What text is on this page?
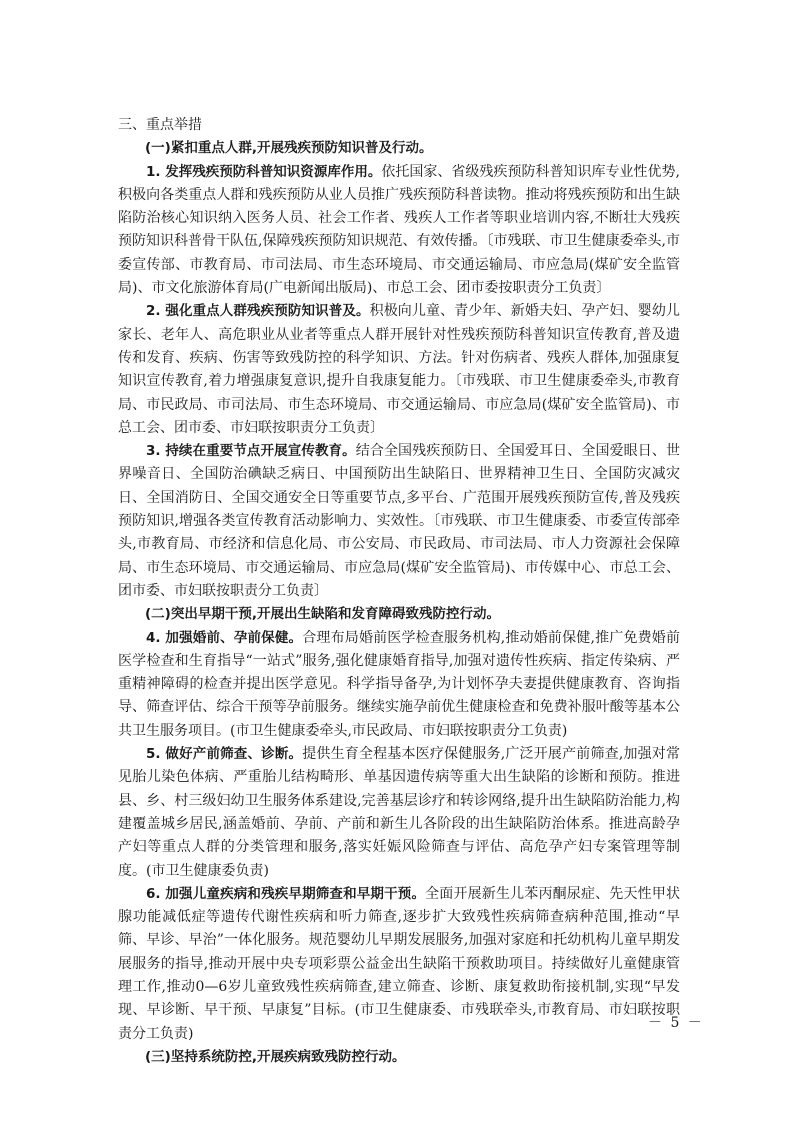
三、重点举措

(一)紧扣重点人群,开展残疾预防知识普及行动。

1. 发挥残疾预防科普知识资源库作用。依托国家、省级残疾预防科普知识库专业性优势,积极向各类重点人群和残疾预防从业人员推广残疾预防科普读物。推动将残疾预防和出生缺陷防治核心知识纳入医务人员、社会工作者、残疾人工作者等职业培训内容,不断壮大残疾预防知识科普骨干队伍,保障残疾预防知识规范、有效传播。〔市残联、市卫生健康委牵头,市委宣传部、市教育局、市司法局、市生态环境局、市交通运输局、市应急局(煤矿安全监管局)、市文化旅游体育局(广电新闻出版局)、市总工会、团市委按职责分工负责〕

2. 强化重点人群残疾预防知识普及。积极向儿童、青少年、新婚夫妇、孕产妇、婴幼儿家长、老年人、高危职业从业者等重点人群开展针对性残疾预防科普知识宣传教育,普及遗传和发育、疾病、伤害等致残防控的科学知识、方法。针对伤病者、残疾人群体,加强康复知识宣传教育,着力增强康复意识,提升自我康复能力。〔市残联、市卫生健康委牵头,市教育局、市民政局、市司法局、市生态环境局、市交通运输局、市应急局(煤矿安全监管局)、市总工会、团市委、市妇联按职责分工负责〕

3. 持续在重要节点开展宣传教育。结合全国残疾预防日、全国爱耳日、全国爱眼日、世界噪音日、全国防治碘缺乏病日、中国预防出生缺陷日、世界精神卫生日、全国防灾减灾日、全国消防日、全国交通安全日等重要节点,多平台、广范围开展残疾预防宣传,普及残疾预防知识,增强各类宣传教育活动影响力、实效性。〔市残联、市卫生健康委、市委宣传部牵头,市教育局、市经济和信息化局、市公安局、市民政局、市司法局、市人力资源社会保障局、市生态环境局、市交通运输局、市应急局(煤矿安全监管局)、市传媒中心、市总工会、团市委、市妇联按职责分工负责〕

(二)突出早期干预,开展出生缺陷和发育障碍致残防控行动。

4. 加强婚前、孕前保健。合理布局婚前医学检查服务机构,推动婚前保健,推广免费婚前医学检查和生育指导“一站式”服务,强化健康婚育指导,加强对遗传性疾病、指定传染病、严重精神障碍的检查并提出医学意见。科学指导备孕,为计划怀孕夫妻提供健康教育、咨询指导、筛查评估、综合干预等孕前服务。继续实施孕前优生健康检查和免费补服叶酸等基本公共卫生服务项目。(市卫生健康委牵头,市民政局、市妇联按职责分工负责)

5. 做好产前筛查、诊断。提供生育全程基本医疗保健服务,广泛开展产前筛查,加强对常见胎儿染色体病、严重胎儿结构畸形、单基因遗传病等重大出生缺陷的诊断和预防。推进县、乡、村三级妇幼卫生服务体系建设,完善基层诊疗和转诊网络,提升出生缺陷防治能力,构建覆盖城乡居民,涵盖婚前、孕前、产前和新生儿各阶段的出生缺陷防治体系。推进高龄孕产妇等重点人群的分类管理和服务,落实妊娠风险筛查与评估、高危孕产妇专案管理等制度。(市卫生健康委负责)

6. 加强儿童疾病和残疾早期筛查和早期干预。全面开展新生儿苯丙酮尿症、先天性甲状腺功能减低症等遗传代谢性疾病和听力筛查,逐步扩大致残性疾病筛查病种范围,推动“早筛、早诊、早治”一体化服务。规范婴幼儿早期发展服务,加强对家庭和托幼机构儿童早期发展服务的指导,推动开展中央专项彩票公益金出生缺陷干预救助项目。持续做好儿童健康管理工作,推动0—6岁儿童致残性疾病筛查,建立筛查、诊断、康复救助衔接机制,实现“早发现、早诊断、早干预、早康复”目标。(市卫生健康委、市残联牵头,市教育局、市妇联按职责分工负责)

(三)坚持系统防控,开展疾病致残防控行动。

－ 5 －
